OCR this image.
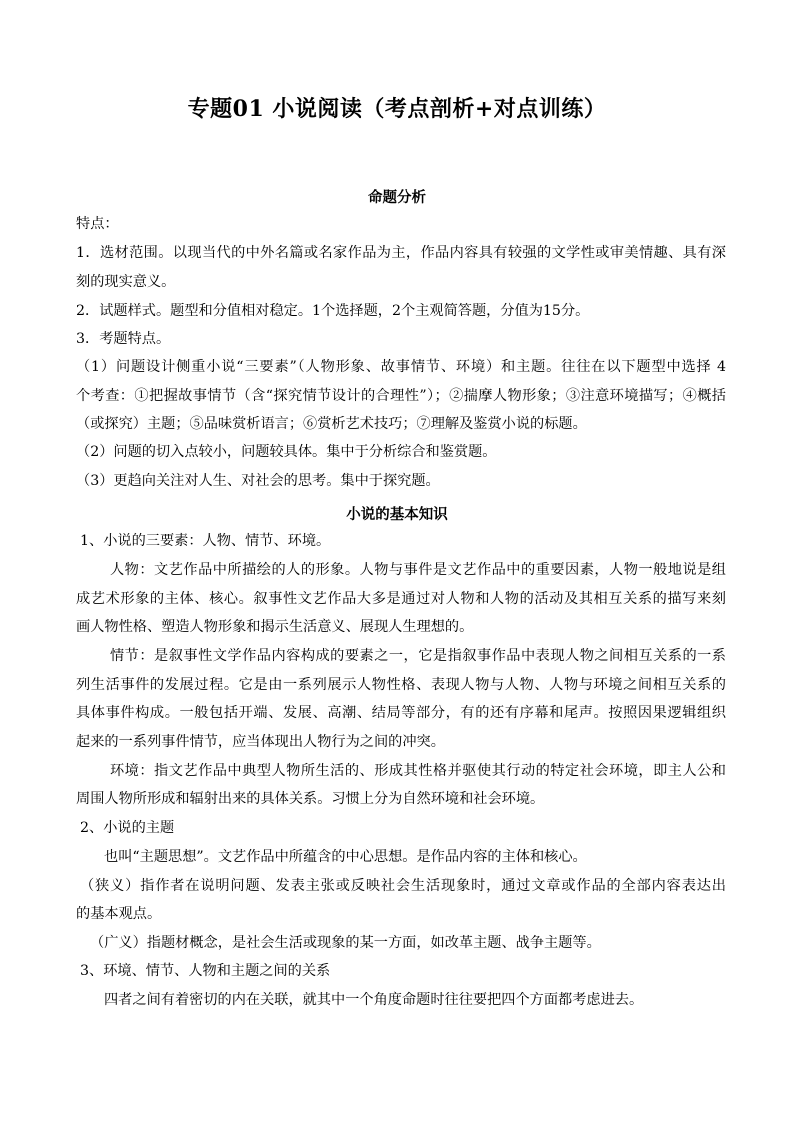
专题01 小说阅读（考点剖析+对点训练）
命题分析
特点：
1．选材范围。以现当代的中外名篇或名家作品为主，作品内容具有较强的文学性或审美情趣、具有深
刻的现实意义。
2．试题样式。题型和分值相对稳定。1个选择题，2个主观简答题，分值为15分。
3．考题特点。
（1）问题设计侧重小说“三要素”（人物形象、故事情节、环境）和主题。往往在以下题型中选择 4
个考查：①把握故事情节（含“探究情节设计的合理性”）；②揣摩人物形象；③注意环境描写；④概括
（或探究）主题；⑤品味赏析语言；⑥赏析艺术技巧；⑦理解及鉴赏小说的标题。
（2）问题的切入点较小，问题较具体。集中于分析综合和鉴赏题。
（3）更趋向关注对人生、对社会的思考。集中于探究题。
小说的基本知识
1、小说的三要素：人物、情节、环境。
人物：文艺作品中所描绘的人的形象。人物与事件是文艺作品中的重要因素，人物一般地说是组
成艺术形象的主体、核心。叙事性文艺作品大多是通过对人物和人物的活动及其相互关系的描写来刻
画人物性格、塑造人物形象和揭示生活意义、展现人生理想的。
情节：是叙事性文学作品内容构成的要素之一，它是指叙事作品中表现人物之间相互关系的一系
列生活事件的发展过程。它是由一系列展示人物性格、表现人物与人物、人物与环境之间相互关系的
具体事件构成。一般包括开端、发展、高潮、结局等部分，有的还有序幕和尾声。按照因果逻辑组织
起来的一系列事件情节，应当体现出人物行为之间的冲突。
环境：指文艺作品中典型人物所生活的、形成其性格并驱使其行动的特定社会环境，即主人公和
周围人物所形成和辐射出来的具体关系。习惯上分为自然环境和社会环境。
2、小说的主题
也叫“主题思想”。文艺作品中所蕴含的中心思想。是作品内容的主体和核心。
（狭义）指作者在说明问题、发表主张或反映社会生活现象时，通过文章或作品的全部内容表达出
的基本观点。
（广义）指题材概念，是社会生活或现象的某一方面，如改革主题、战争主题等。
3、环境、情节、人物和主题之间的关系
四者之间有着密切的内在关联，就其中一个角度命题时往往要把四个方面都考虑进去。
